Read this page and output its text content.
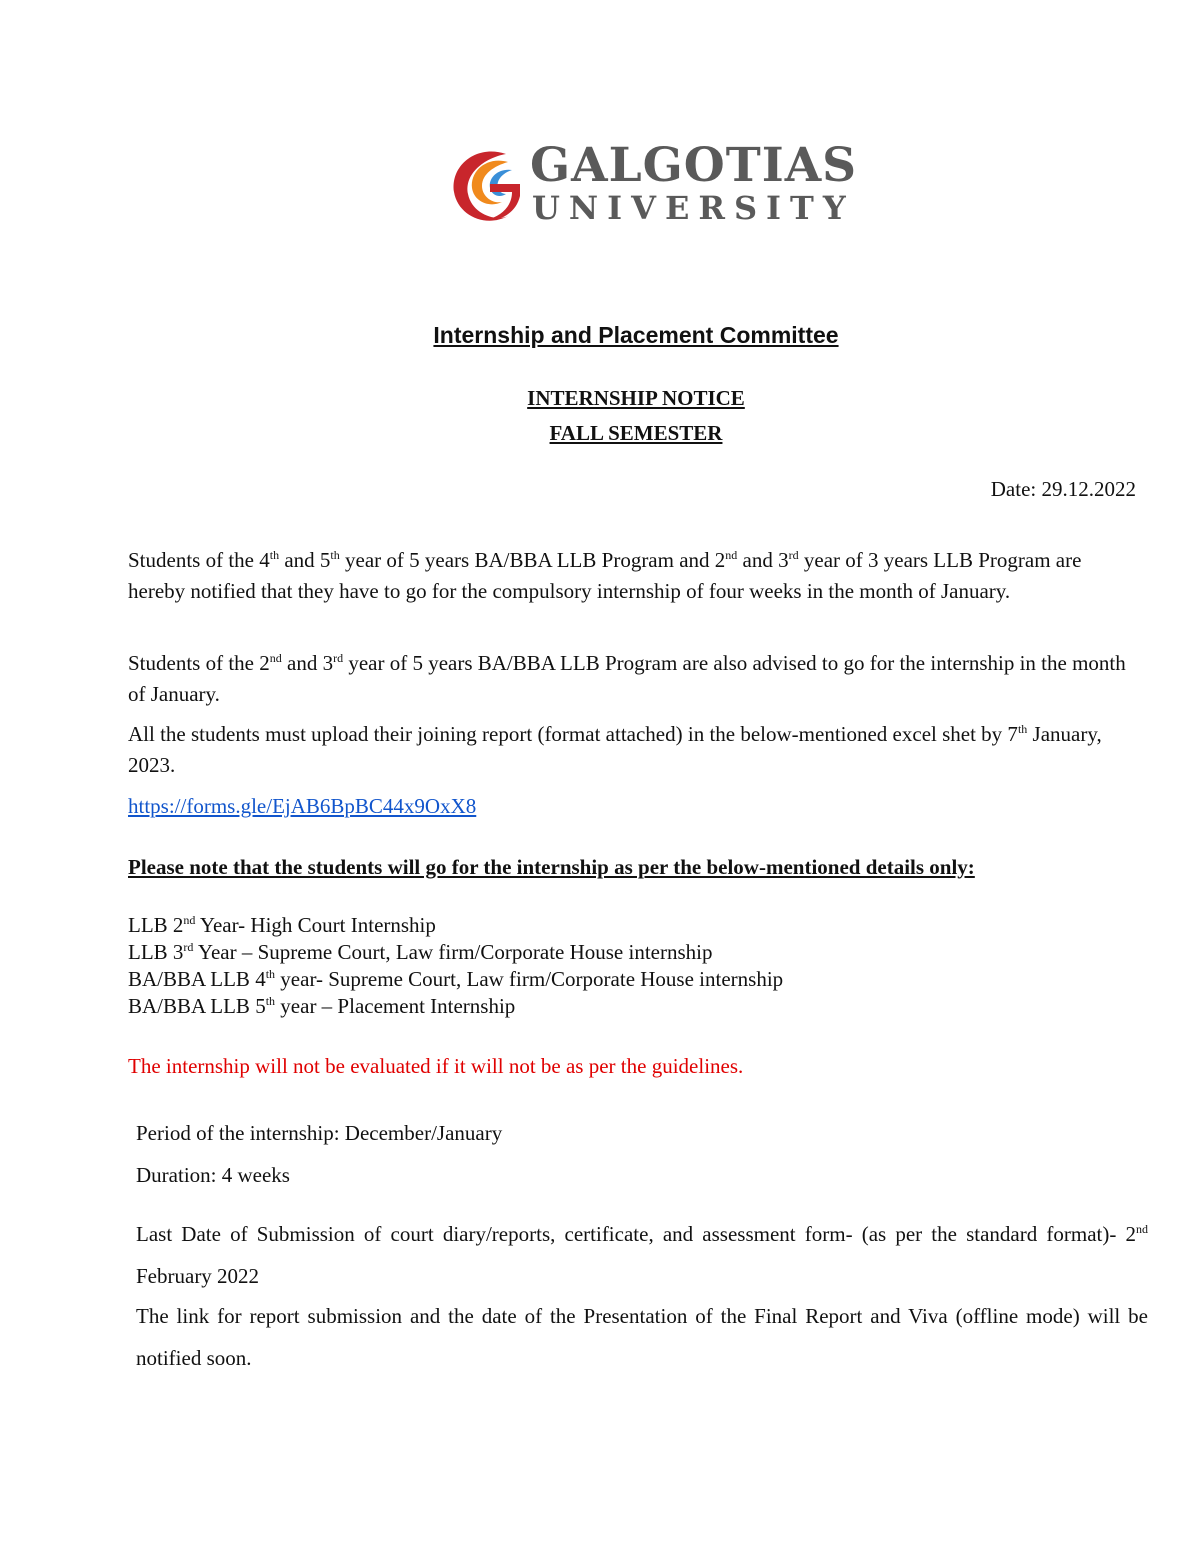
GALGOTIAS
UNIVERSITY
Internship and Placement Committee
INTERNSHIP NOTICE
FALL SEMESTER
Date: 29.12.2022

Students of the 4th and 5th year of 5 years BA/BBA LLB Program and 2nd and 3rd year of 3 years LLB Program are hereby notified that they have to go for the compulsory internship of four weeks in the month of January.

Students of the 2nd and 3rd year of 5 years BA/BBA LLB Program are also advised to go for the internship in the month of January.

All the students must upload their joining report (format attached) in the below-mentioned excel shet by 7th January, 2023.

https://forms.gle/EjAB6BpBC44x9OxX8
Please note that the students will go for the internship as per the below-mentioned details only:
LLB 2nd Year- High Court Internship
LLB 3rd Year – Supreme Court, Law firm/Corporate House internship
BA/BBA LLB 4th year- Supreme Court, Law firm/Corporate House internship
BA/BBA LLB 5th year – Placement Internship
The internship will not be evaluated if it will not be as per the guidelines.
Period of the internship: December/January
Duration: 4 weeks

Last Date of Submission of court diary/reports, certificate, and assessment form- (as per the standard format)- 2nd February 2022

The link for report submission and the date of the Presentation of the Final Report and Viva (offline mode) will be notified soon.
